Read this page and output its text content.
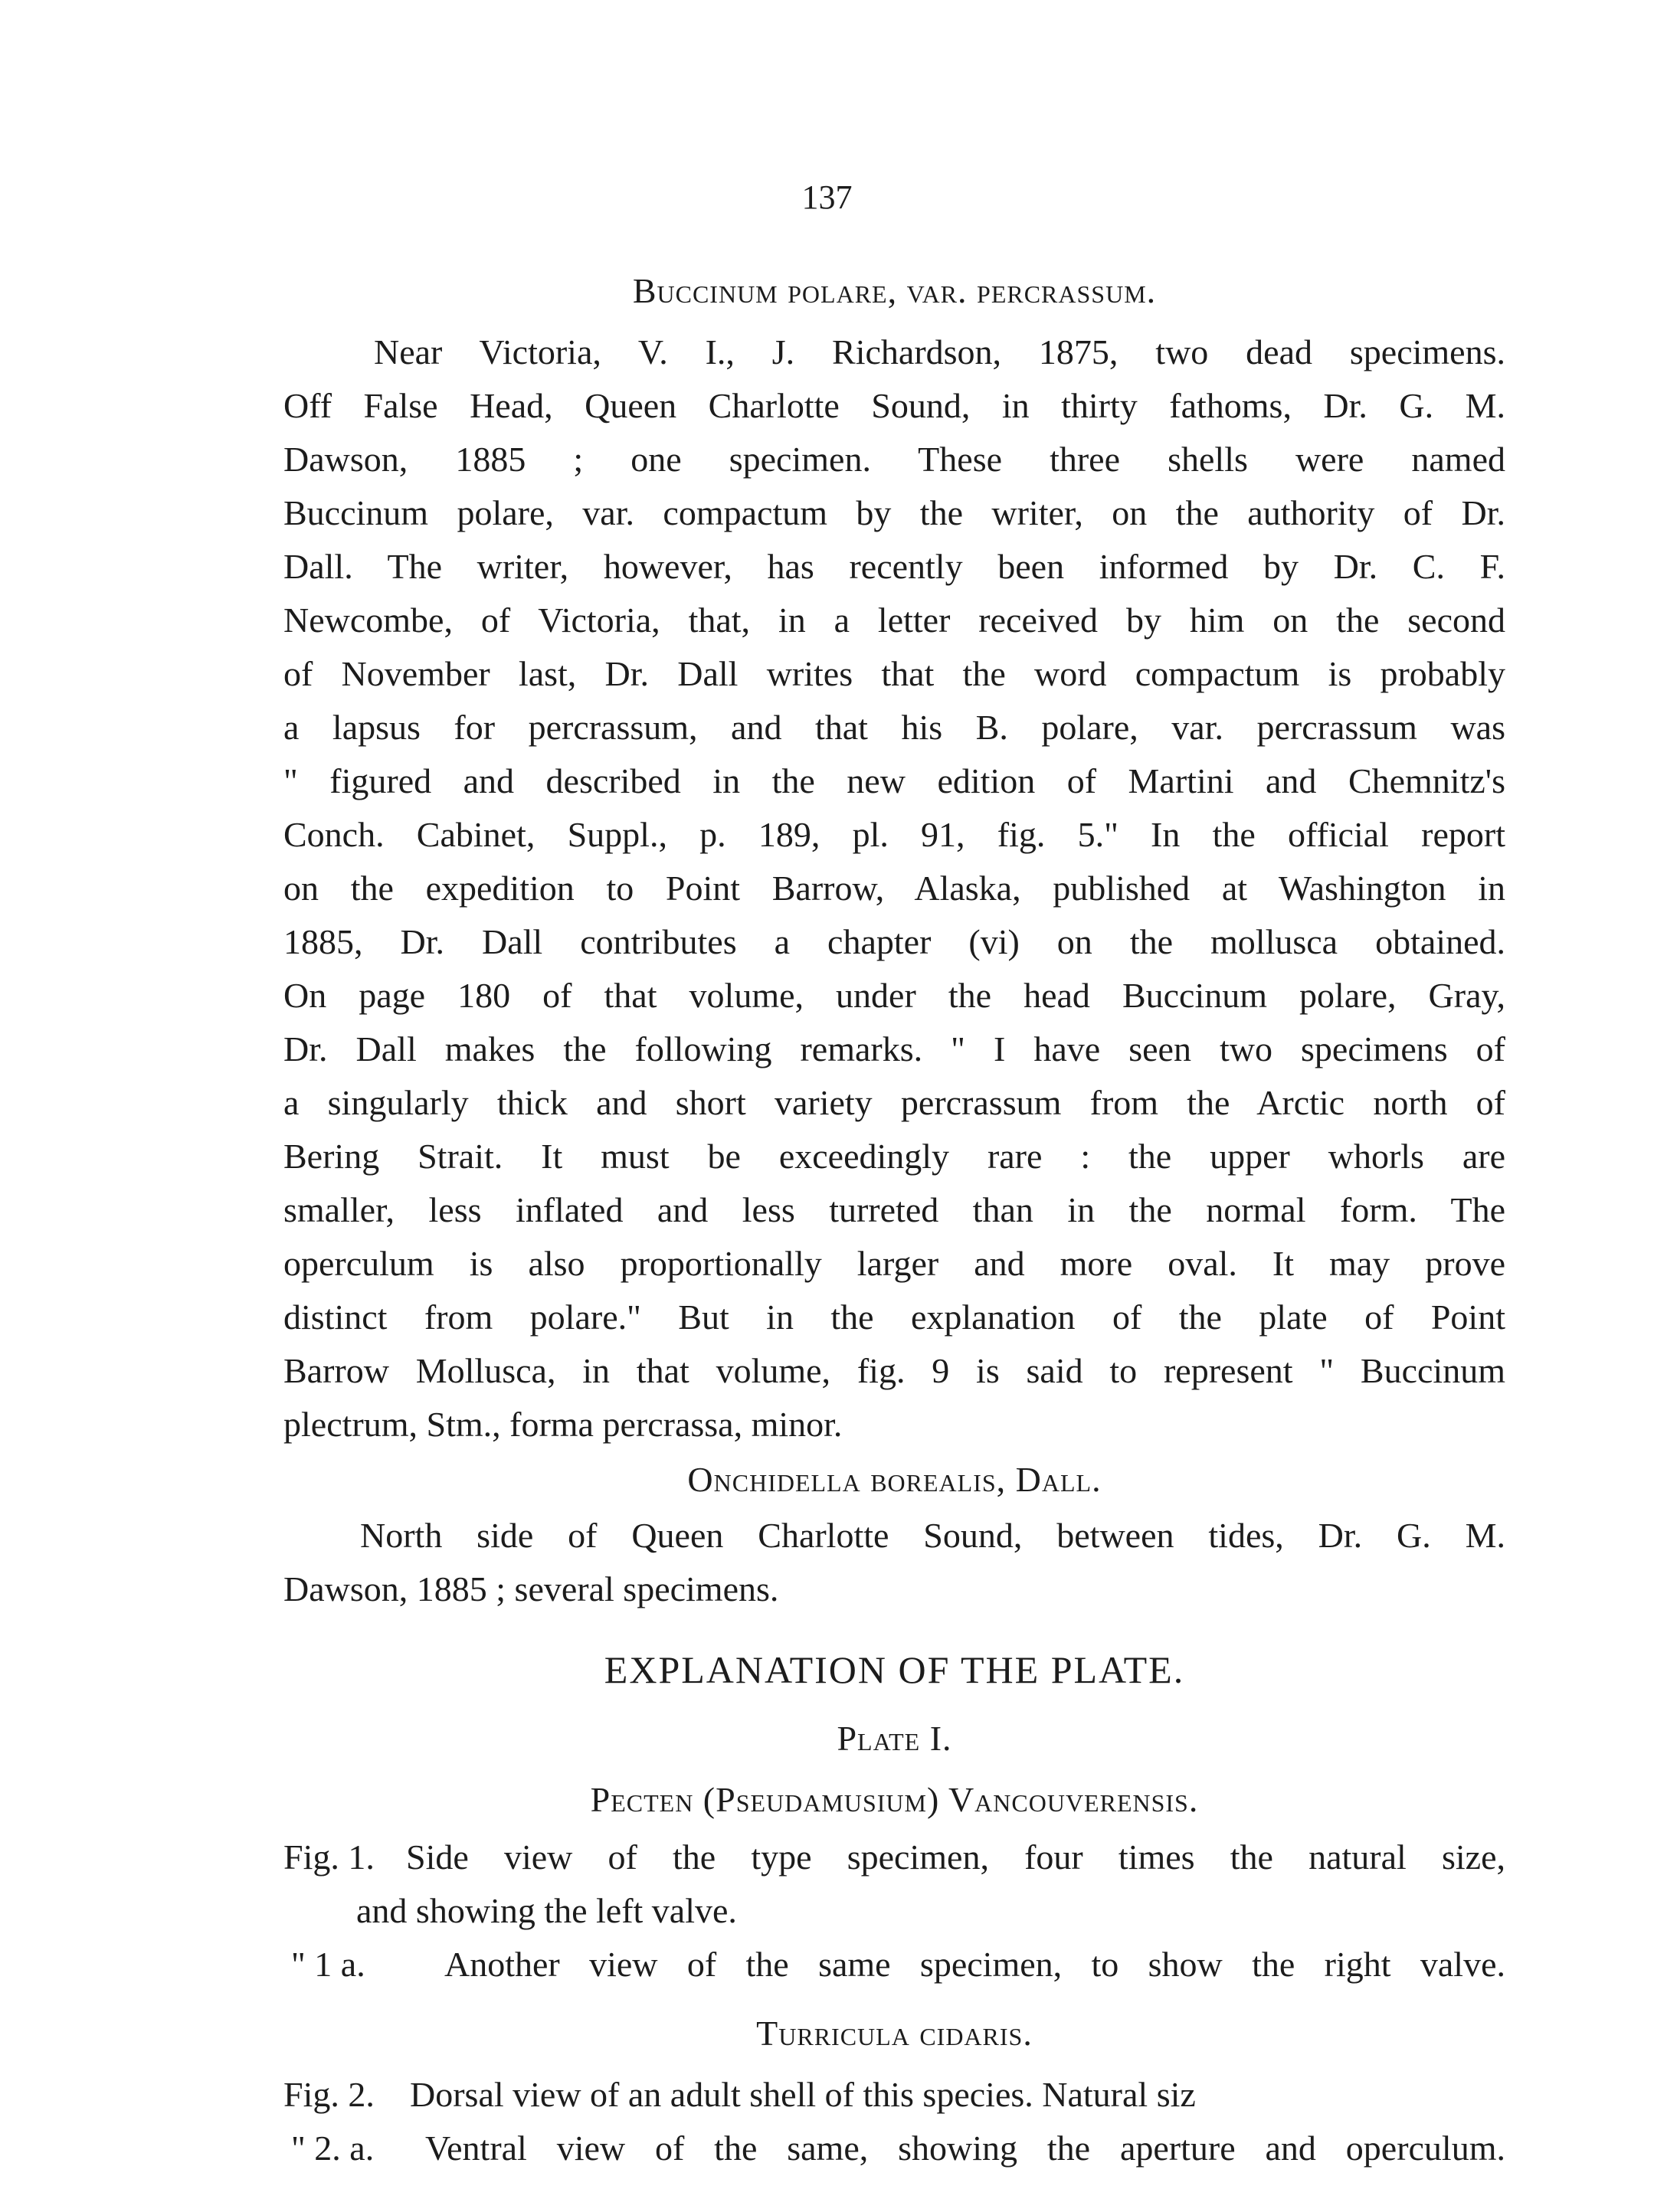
137
Buccinum polare, var. percrassum.
Near Victoria, V. I., J. Richardson, 1875, two dead specimens.
Off False Head, Queen Charlotte Sound, in thirty fathoms, Dr. G. M.
Dawson, 1885 ; one specimen. These three shells were named
Buccinum polare, var. compactum by the writer, on the authority of Dr.
Dall. The writer, however, has recently been informed by Dr. C. F.
Newcombe, of Victoria, that, in a letter received by him on the second
of November last, Dr. Dall writes that the word compactum is probably
a lapsus for percrassum, and that his B. polare, var. percrassum was
" figured and described in the new edition of Martini and Chemnitz's
Conch. Cabinet, Suppl., p. 189, pl. 91, fig. 5." In the official report
on the expedition to Point Barrow, Alaska, published at Washington in
1885, Dr. Dall contributes a chapter (vi) on the mollusca obtained.
On page 180 of that volume, under the head Buccinum polare, Gray,
Dr. Dall makes the following remarks. " I have seen two specimens of
a singularly thick and short variety percrassum from the Arctic north of
Bering Strait. It must be exceedingly rare : the upper whorls are
smaller, less inflated and less turreted than in the normal form. The
operculum is also proportionally larger and more oval. It may prove
distinct from polare." But in the explanation of the plate of Point
Barrow Mollusca, in that volume, fig. 9 is said to represent " Buccinum
plectrum, Stm., forma percrassa, minor.
Onchidella borealis, Dall.
North side of Queen Charlotte Sound, between tides, Dr. G. M.
Dawson, 1885 ; several specimens.
EXPLANATION OF THE PLATE.
Plate I.
Pecten (Pseudamusium) Vancouverensis.
Fig. 1. Side view of the type specimen, four times the natural size,
and showing the left valve.
" 1 a. Another view of the same specimen, to show the right valve.
Turricula cidaris.
Fig. 2. Dorsal view of an adult shell of this species. Natural siz
" 2. a. Ventral view of the same, showing the aperture and operculum.
